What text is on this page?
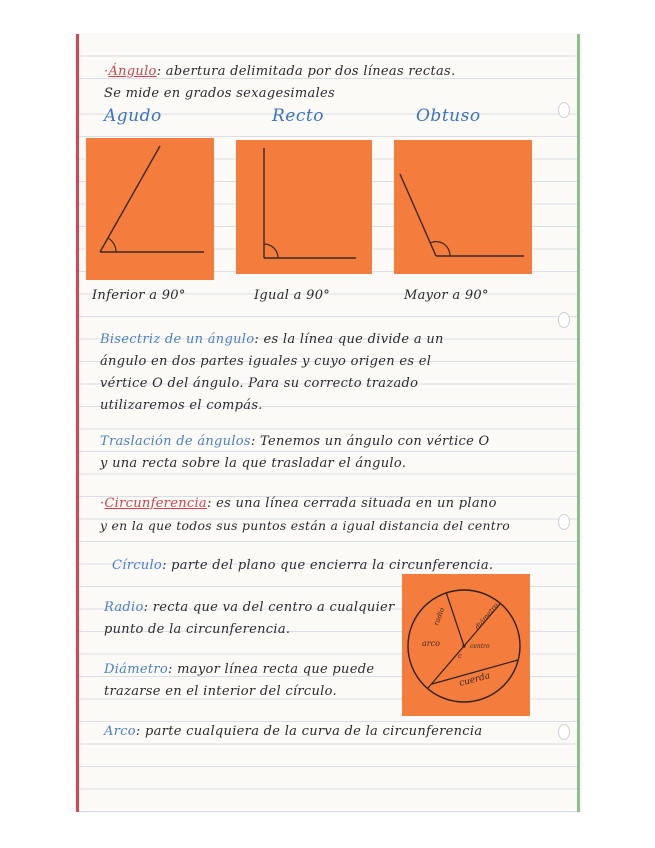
·Ángulo: abertura delimitada por dos líneas rectas.
Se mide en grados sexagesimales
Agudo	Recto	Obtuso
Inferior a 90°	Igual a 90°	Mayor a 90°
Bisectriz de un ángulo: es la línea que divide a un
ángulo en dos partes iguales y cuyo origen es el
vértice O del ángulo. Para su correcto trazado
utilizaremos el compás.
Traslación de ángulos: Tenemos un ángulo con vértice O
y una recta sobre la que trasladar el ángulo.
·Circunferencia: es una línea cerrada situada en un plano
y en la que todos sus puntos están a igual distancia del centro
Círculo: parte del plano que encierra la circunferencia.
Radio: recta que va del centro a cualquier
punto de la circunferencia.
Diámetro: mayor línea recta que puede
trazarse en el interior del círculo.
Arco: parte cualquiera de la curva de la circunferencia
radio	diámetro
arco	centro
c
cuerda
